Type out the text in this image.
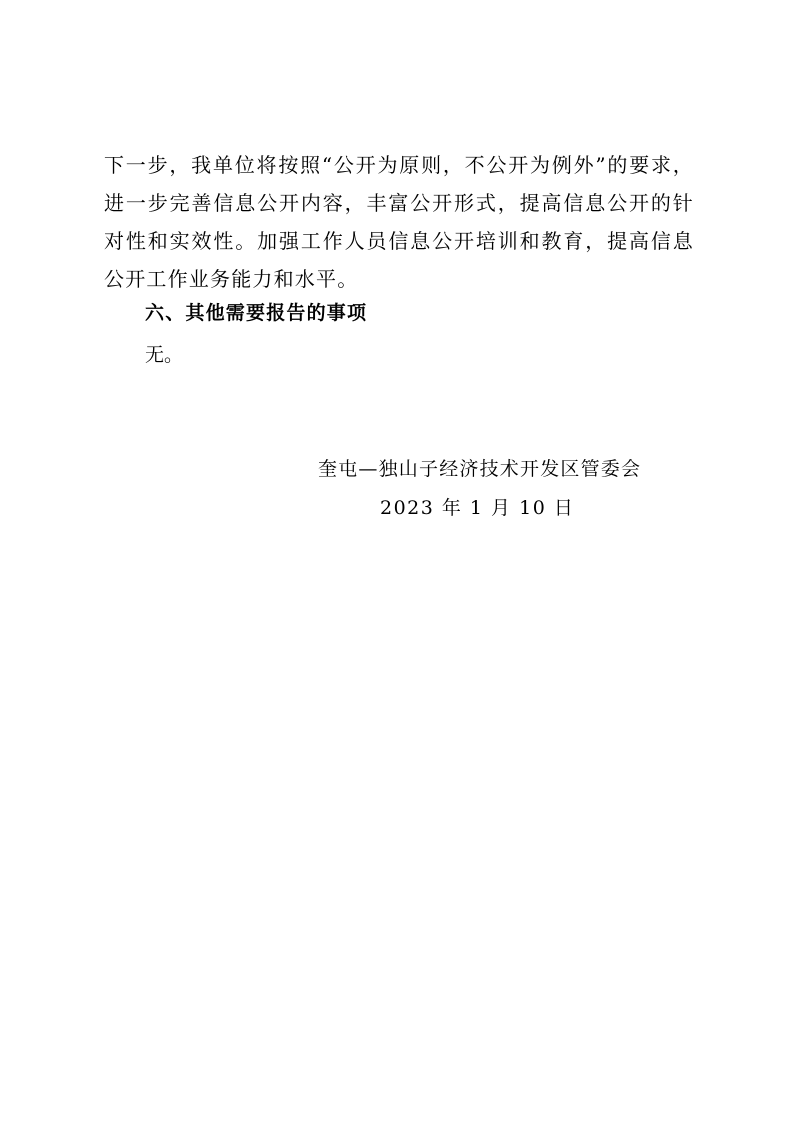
下一步，我单位将按照“公开为原则，不公开为例外”的要求，进一步完善信息公开内容，丰富公开形式，提高信息公开的针对性和实效性。加强工作人员信息公开培训和教育，提高信息公开工作业务能力和水平。

六、其他需要报告的事项

无。

奎屯—独山子经济技术开发区管委会

2023 年 1 月 10 日
